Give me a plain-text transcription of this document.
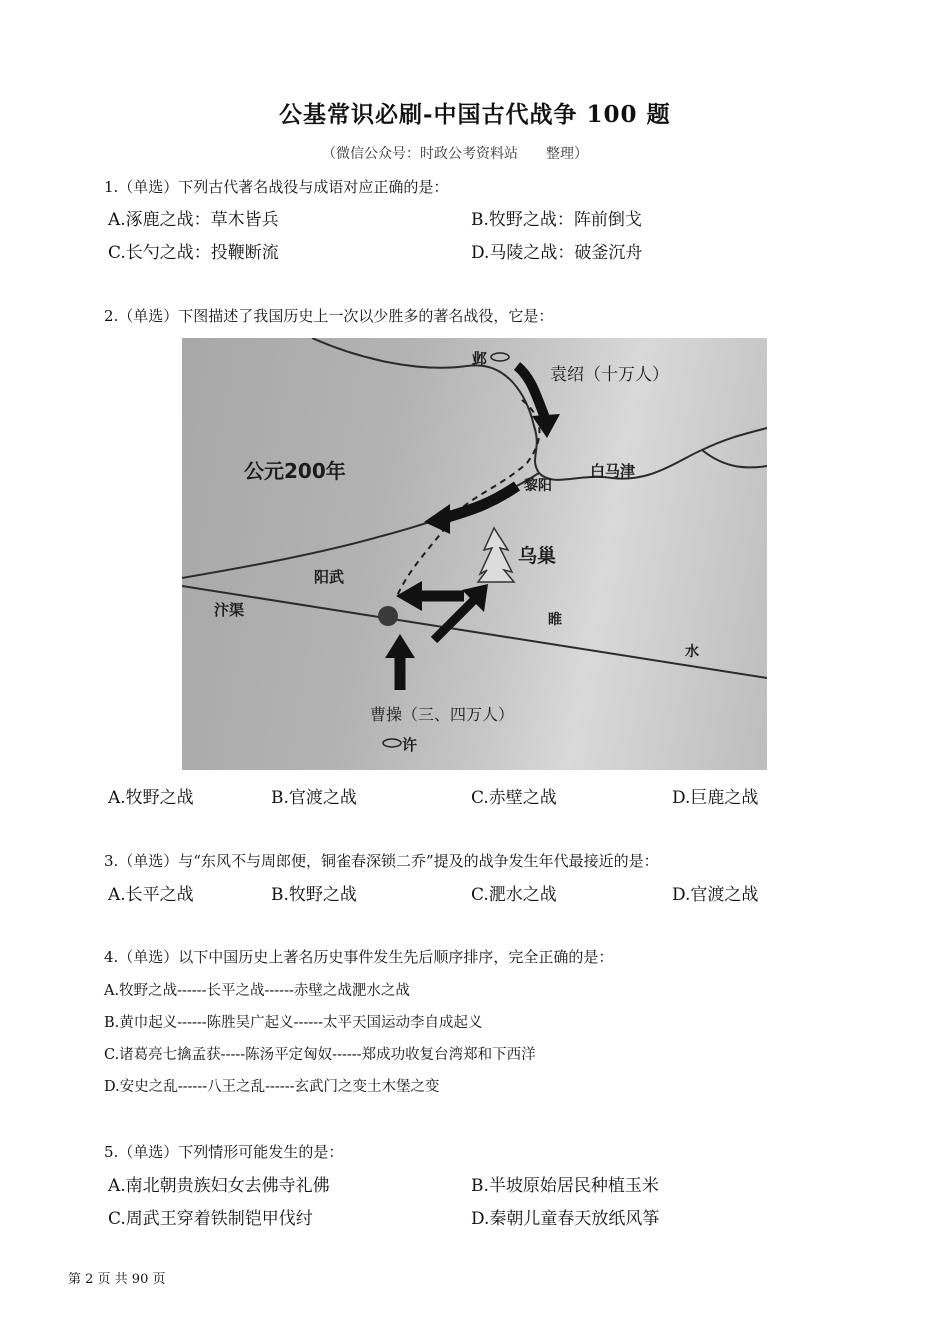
公基常识必刷-中国古代战争 100 题
（微信公众号：时政公考资料站　　整理）
1.（单选）下列古代著名战役与成语对应正确的是：
A.涿鹿之战：草木皆兵	B.牧野之战：阵前倒戈
C.长勺之战：投鞭断流	D.马陵之战：破釜沉舟
2.（单选）下图描述了我国历史上一次以少胜多的著名战役，它是：
邺
袁绍（十万人）
公元200年
黎阳
白马津
乌巢
阳武
汴渠
睢
水
曹操（三、四万人）
许
A.牧野之战	B.官渡之战	C.赤壁之战	D.巨鹿之战
3.（单选）与“东风不与周郎便，铜雀春深锁二乔”提及的战争发生年代最接近的是：
A.长平之战	B.牧野之战	C.淝水之战	D.官渡之战
4.（单选）以下中国历史上著名历史事件发生先后顺序排序，完全正确的是：
A.牧野之战------长平之战------赤壁之战淝水之战
B.黄巾起义------陈胜吴广起义------太平天国运动李自成起义
C.诸葛亮七擒孟获-----陈汤平定匈奴------郑成功收复台湾郑和下西洋
D.安史之乱------八王之乱------玄武门之变土木堡之变
5.（单选）下列情形可能发生的是：
A.南北朝贵族妇女去佛寺礼佛	B.半坡原始居民种植玉米
C.周武王穿着铁制铠甲伐纣	D.秦朝儿童春天放纸风筝
第 2 页 共 90 页
